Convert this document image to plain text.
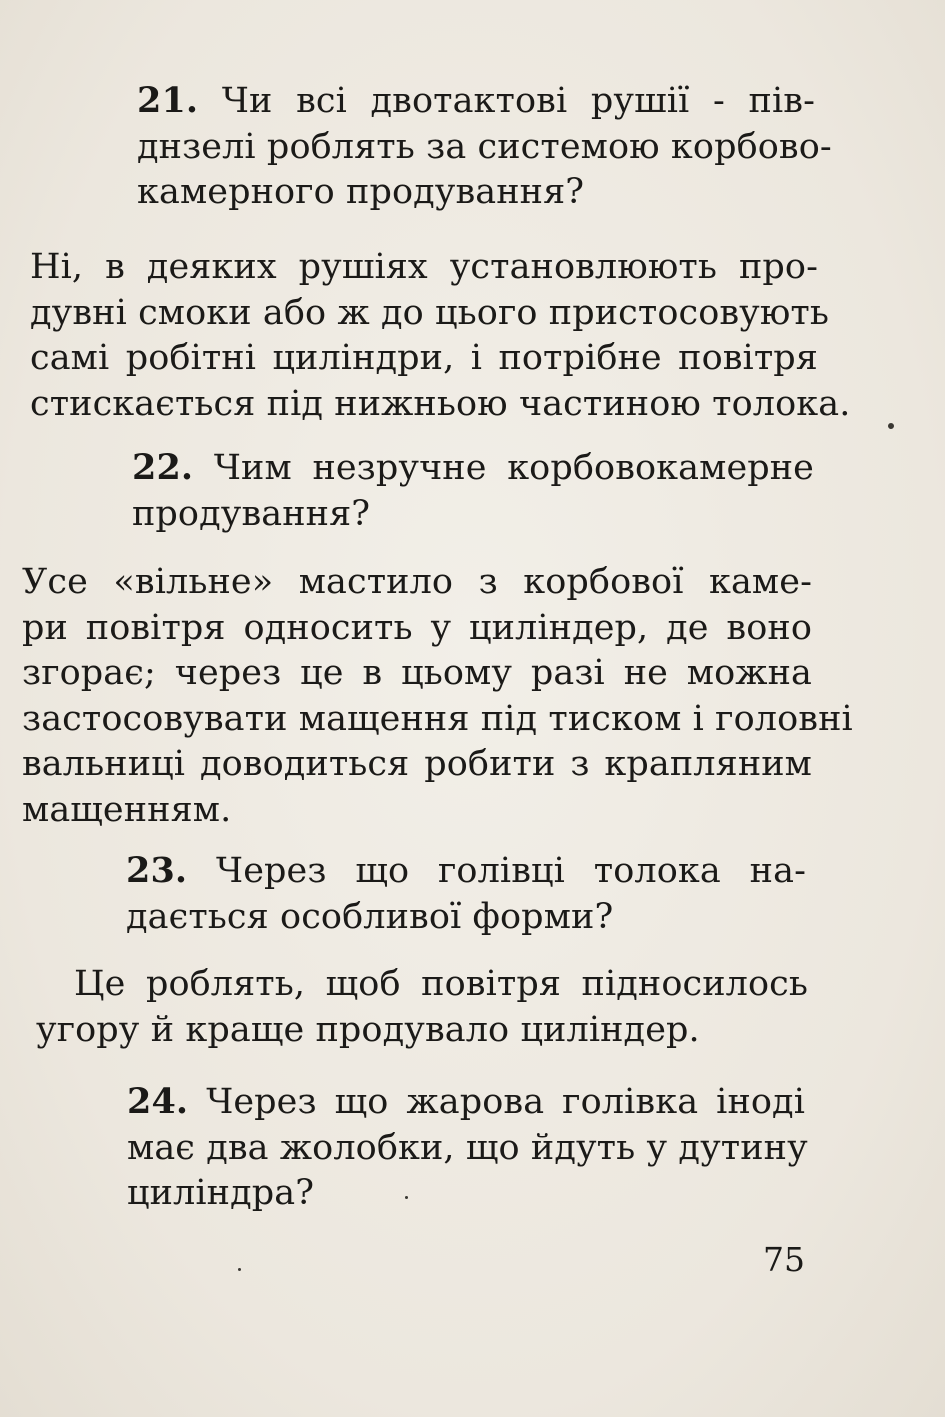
21. Чи всі двотактові рушії - пів-
днзелі роблять за системою корбово-
камерного продування?
Ні, в деяких рушіях установлюють про-
дувні смоки або ж до цього пристосовують
самі робітні циліндри, і потрібне повітря
стискається під нижньою частиною толока.
22. Чим незручне корбовокамерне
продування?
Усе «вільне» мастило з корбової каме-
ри повітря односить у циліндер, де воно
згорає; через це в цьому разі не можна
застосовувати мащення під тиском і головні
вальниці доводиться робити з крапляним
мащенням.
23. Через що голівці толока на-
дається особливої форми?
Це роблять, щоб повітря підносилось
угору й краще продувало циліндер.
24. Через що жарова голівка іноді
має два жолобки, що йдуть у дутину
циліндра?
75
